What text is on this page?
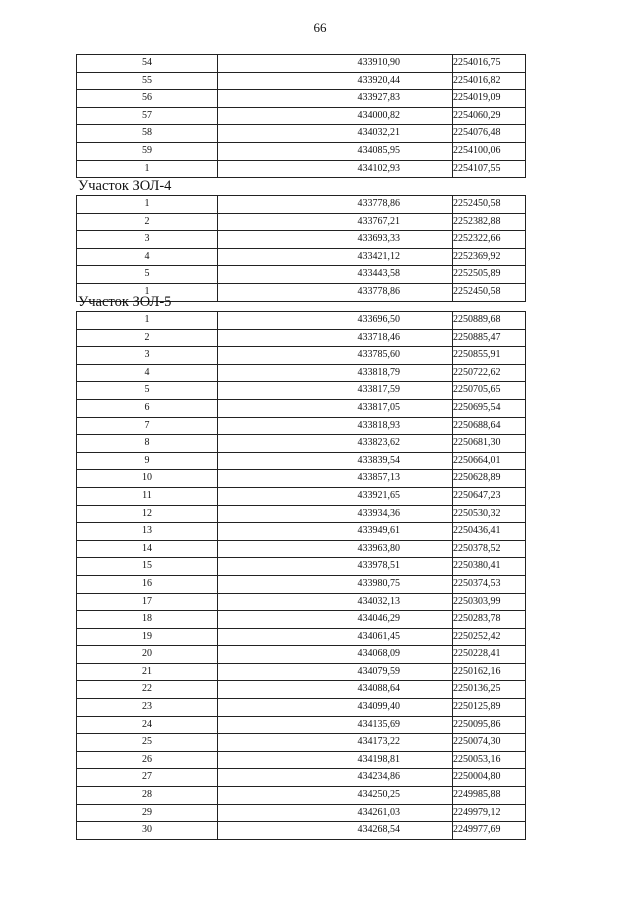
66
54	433910,90	2254016,75
55	433920,44	2254016,82
56	433927,83	2254019,09
57	434000,82	2254060,29
58	434032,21	2254076,48
59	434085,95	2254100,06
1	434102,93	2254107,55
Участок ЗОЛ-4
1	433778,86	2252450,58
2	433767,21	2252382,88
3	433693,33	2252322,66
4	433421,12	2252369,92
5	433443,58	2252505,89
1	433778,86	2252450,58
Участок ЗОЛ-5
1	433696,50	2250889,68
2	433718,46	2250885,47
3	433785,60	2250855,91
4	433818,79	2250722,62
5	433817,59	2250705,65
6	433817,05	2250695,54
7	433818,93	2250688,64
8	433823,62	2250681,30
9	433839,54	2250664,01
10	433857,13	2250628,89
11	433921,65	2250647,23
12	433934,36	2250530,32
13	433949,61	2250436,41
14	433963,80	2250378,52
15	433978,51	2250380,41
16	433980,75	2250374,53
17	434032,13	2250303,99
18	434046,29	2250283,78
19	434061,45	2250252,42
20	434068,09	2250228,41
21	434079,59	2250162,16
22	434088,64	2250136,25
23	434099,40	2250125,89
24	434135,69	2250095,86
25	434173,22	2250074,30
26	434198,81	2250053,16
27	434234,86	2250004,80
28	434250,25	2249985,88
29	434261,03	2249979,12
30	434268,54	2249977,69
